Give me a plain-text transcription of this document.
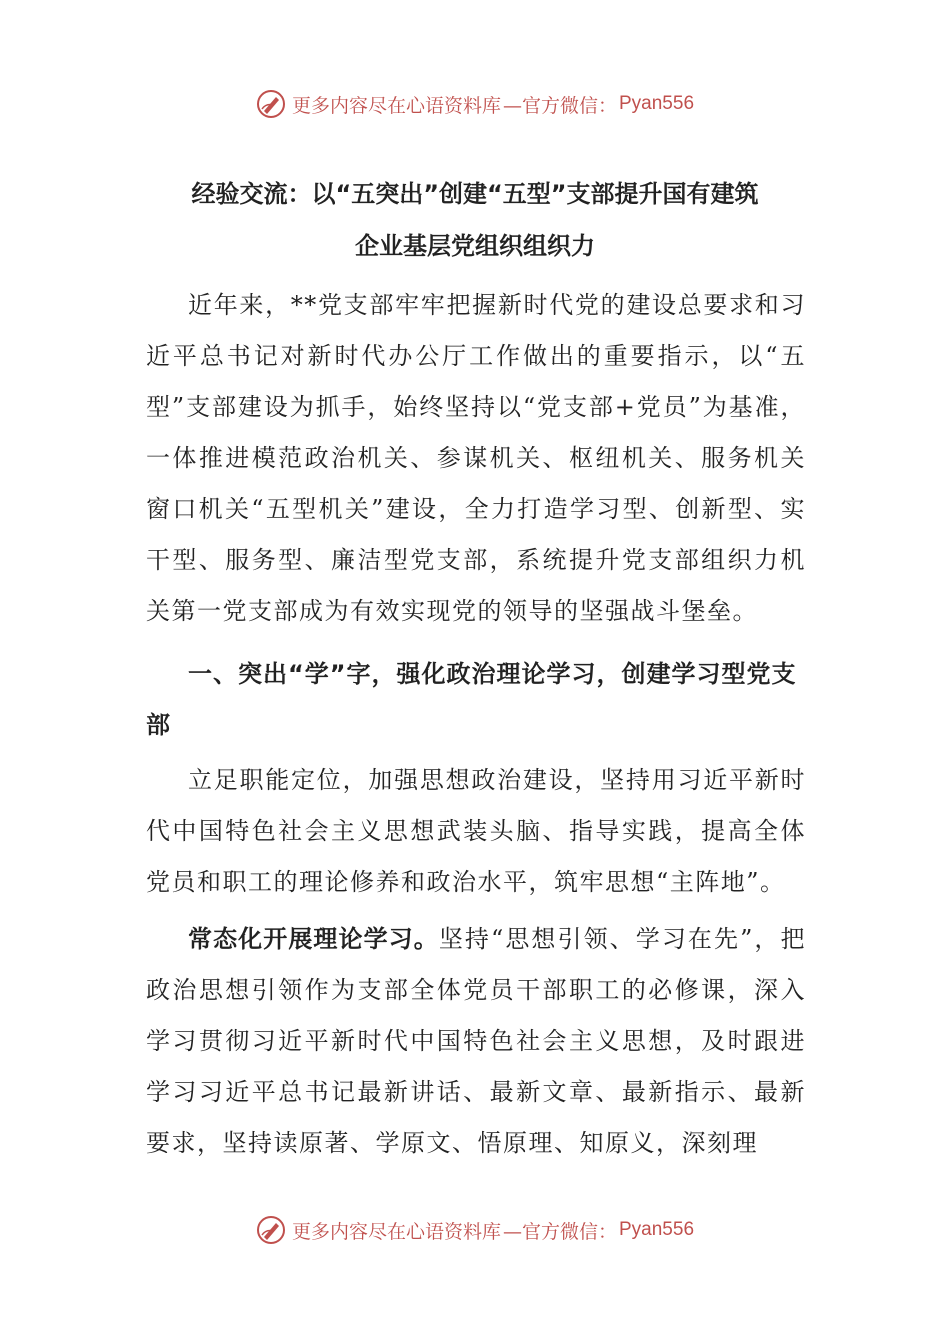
更多内容尽在心语资料库 —官方微信： Pyan556
经验交流：以“五突出”创建“五型”支部提升国有建筑
企业基层党组织组织力

近年来，**党支部牢牢把握新时代党的建设总要求和习近平总书记对新时代办公厅工作做出的重要指示，以“五型”支部建设为抓手，始终坚持以“党支部+党员”为基准，一体推进模范政治机关、参谋机关、枢纽机关、服务机关窗口机关“五型机关”建设，全力打造学习型、创新型、实干型、服务型、廉洁型党支部，系统提升党支部组织力机关第一党支部成为有效实现党的领导的坚强战斗堡垒。

一、突出“学”字，强化政治理论学习，创建学习型党支部

立足职能定位，加强思想政治建设，坚持用习近平新时代中国特色社会主义思想武装头脑、指导实践，提高全体党员和职工的理论修养和政治水平，筑牢思想“主阵地”。

常态化开展理论学习。坚持“思想引领、学习在先”，把政治思想引领作为支部全体党员干部职工的必修课，深入学习贯彻习近平新时代中国特色社会主义思想，及时跟进学习习近平总书记最新讲话、最新文章、最新指示、最新要求，坚持读原著、学原文、悟原理、知原义，深刻理

更多内容尽在心语资料库 —官方微信： Pyan556
